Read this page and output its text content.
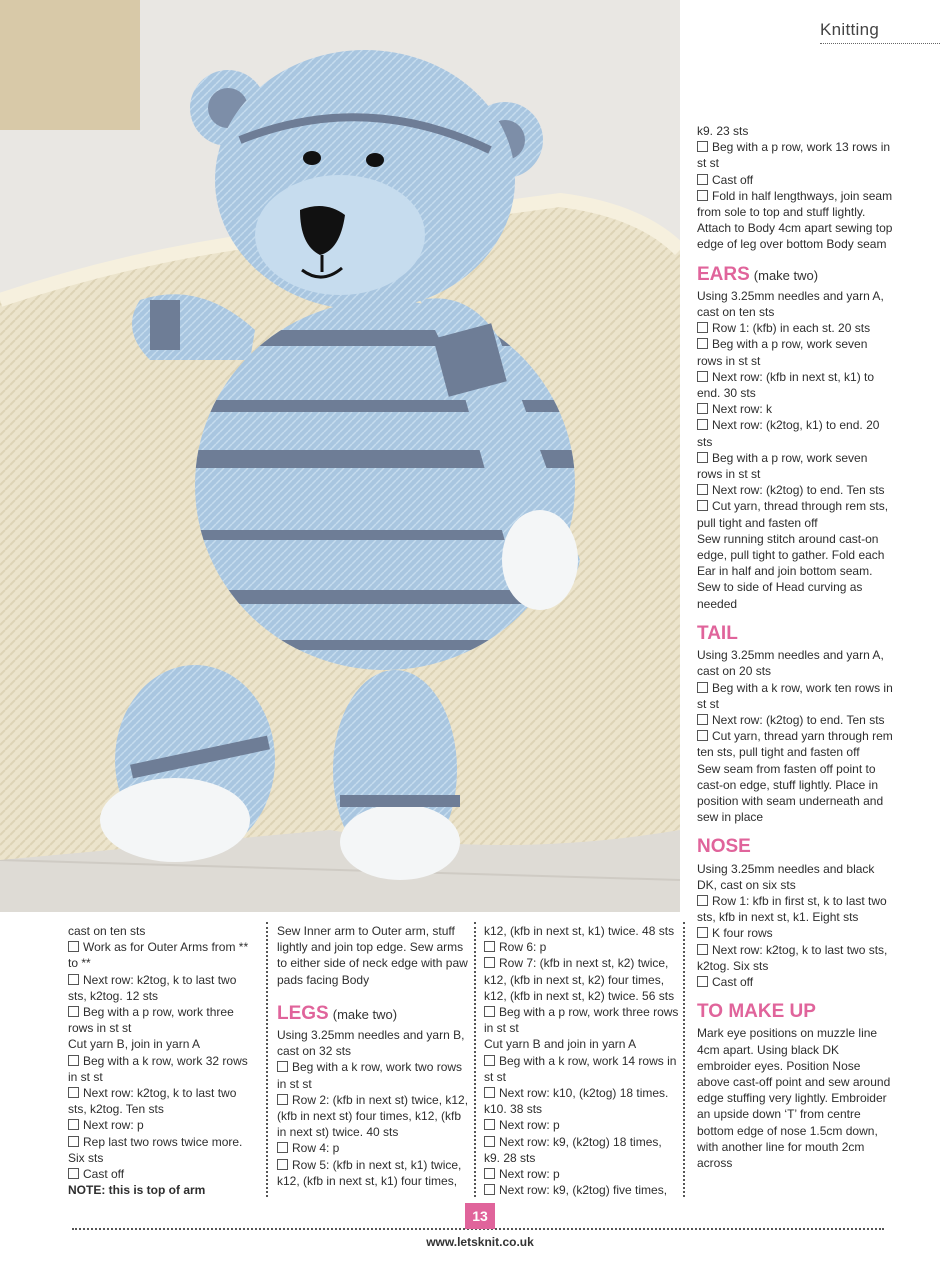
Knitting

k9. 23 sts

Beg with a p row, work 13 rows in st st

Cast off

Fold in half lengthways, join seam from sole to top and stuff lightly. Attach to Body 4cm apart sewing top edge of leg over bottom Body seam

EARS (make two)

Using 3.25mm needles and yarn A, cast on ten sts

Row 1: (kfb) in each st. 20 sts

Beg with a p row, work seven rows in st st

Next row: (kfb in next st, k1) to end. 30 sts

Next row: k

Next row: (k2tog, k1) to end. 20 sts

Beg with a p row, work seven rows in st st

Next row: (k2tog) to end. Ten sts

Cut yarn, thread through rem sts, pull tight and fasten off

Sew running stitch around cast-on edge, pull tight to gather. Fold each Ear in half and join bottom seam. Sew to side of Head curving as needed

TAIL

Using 3.25mm needles and yarn A, cast on 20 sts

Beg with a k row, work ten rows in st st

Next row: (k2tog) to end. Ten sts

Cut yarn, thread yarn through rem ten sts, pull tight and fasten off

Sew seam from fasten off point to cast-on edge, stuff lightly. Place in position with seam underneath and sew in place

NOSE

Using 3.25mm needles and black DK, cast on six sts

Row 1: kfb in first st, k to last two sts, kfb in next st, k1. Eight sts

K four rows

Next row: k2tog, k to last two sts, k2tog. Six sts

Cast off

TO MAKE UP

Mark eye positions on muzzle line 4cm apart. Using black DK embroider eyes. Position Nose above cast-off point and sew around edge stuffing very lightly. Embroider an upside down ‘T’ from centre bottom edge of nose 1.5cm down, with another line for mouth 2cm across

cast on ten sts

Work as for Outer Arms from ** to **

Next row: k2tog, k to last two sts, k2tog. 12 sts

Beg with a p row, work three rows in st st

Cut yarn B, join in yarn A

Beg with a k row, work 32 rows in st st

Next row: k2tog, k to last two sts, k2tog. Ten sts

Next row: p

Rep last two rows twice more. Six sts

Cast off

NOTE: this is top of arm

Sew Inner arm to Outer arm, stuff lightly and join top edge. Sew arms to either side of neck edge with paw pads facing Body

LEGS (make two)

Using 3.25mm needles and yarn B, cast on 32 sts

Beg with a k row, work two rows in st st

Row 2: (kfb in next st) twice, k12, (kfb in next st) four times, k12, (kfb in next st) twice. 40 sts

Row 4: p

Row 5: (kfb in next st, k1) twice, k12, (kfb in next st, k1) four times,

k12, (kfb in next st, k1) twice. 48 sts

Row 6: p

Row 7: (kfb in next st, k2) twice, k12, (kfb in next st, k2) four times, k12, (kfb in next st, k2) twice. 56 sts

Beg with a p row, work three rows in st st

Cut yarn B and join in yarn A

Beg with a k row, work 14 rows in st st

Next row: k10, (k2tog) 18 times. k10. 38 sts

Next row: p

Next row: k9, (k2tog) 18 times, k9. 28 sts

Next row: p

Next row: k9, (k2tog) five times,

13
www.letsknit.co.uk
